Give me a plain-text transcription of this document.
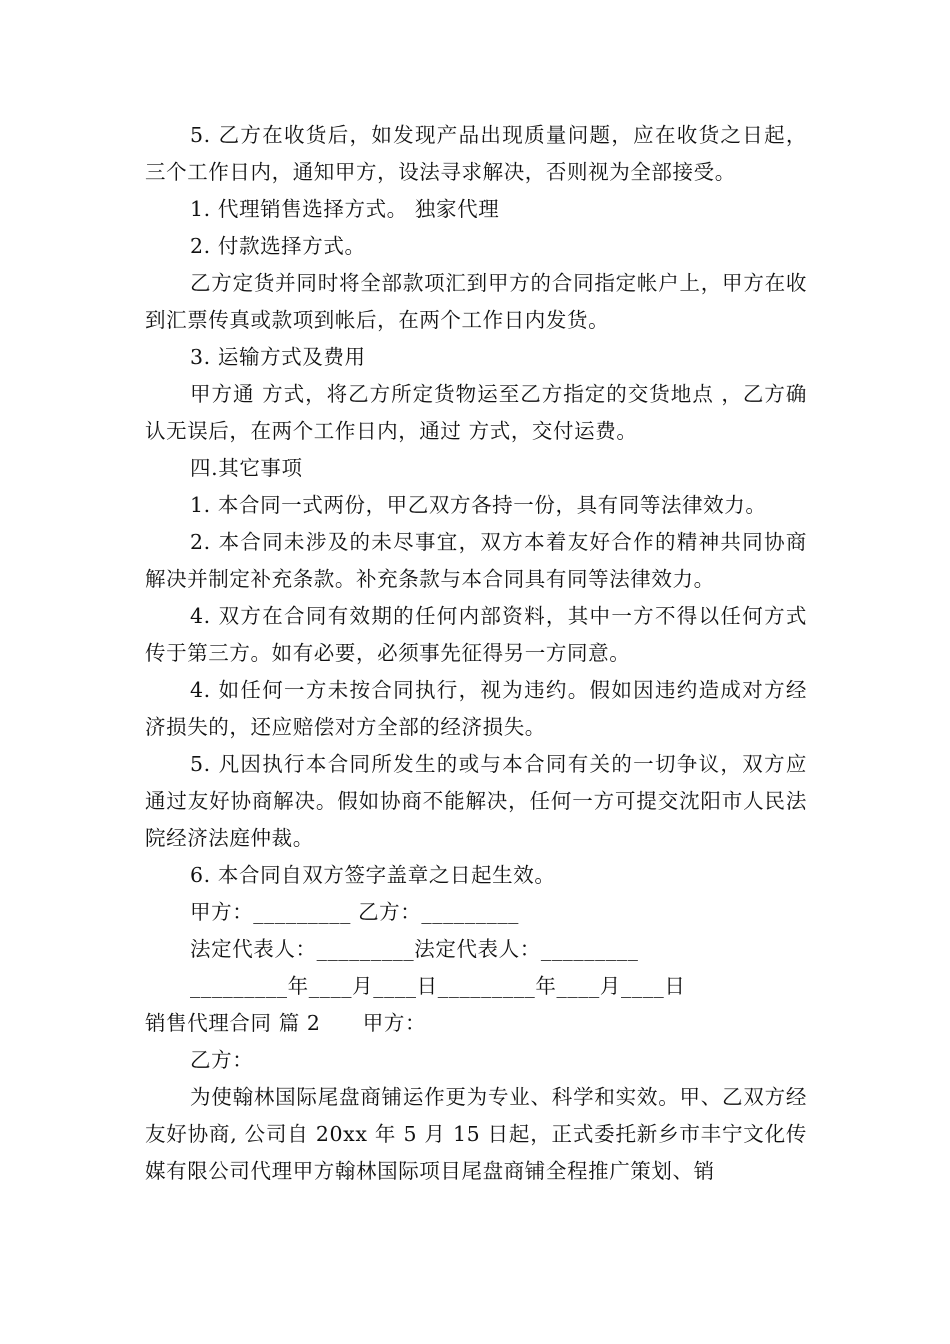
5. 乙方在收货后，如发现产品出现质量问题，应在收货之日起，三个工作日内，通知甲方，设法寻求解决，否则视为全部接受。

1. 代理销售选择方式。 独家代理

2. 付款选择方式。

乙方定货并同时将全部款项汇到甲方的合同指定帐户上，甲方在收到汇票传真或款项到帐后，在两个工作日内发货。

3. 运输方式及费用

甲方通 方式，将乙方所定货物运至乙方指定的交货地点 ，乙方确认无误后，在两个工作日内，通过 方式，交付运费。

四.其它事项

1. 本合同一式两份，甲乙双方各持一份，具有同等法律效力。

2. 本合同未涉及的未尽事宜，双方本着友好合作的精神共同协商解决并制定补充条款。补充条款与本合同具有同等法律效力。

4. 双方在合同有效期的任何内部资料，其中一方不得以任何方式传于第三方。如有必要，必须事先征得另一方同意。

4. 如任何一方未按合同执行，视为违约。假如因违约造成对方经济损失的，还应赔偿对方全部的经济损失。

5. 凡因执行本合同所发生的或与本合同有关的一切争议，双方应通过友好协商解决。假如协商不能解决，任何一方可提交沈阳市人民法院经济法庭仲裁。

6. 本合同自双方签字盖章之日起生效。

甲方：_________ 乙方：_________

法定代表人：_________法定代表人：_________

_________年____月____日_________年____月____日

销售代理合同 篇 2　　甲方：

乙方：

为使翰林国际尾盘商铺运作更为专业、科学和实效。甲、乙双方经友好协商, 公司自 20xx 年 5 月 15 日起，正式委托新乡市丰宁文化传媒有限公司代理甲方翰林国际项目尾盘商铺全程推广策划、销
